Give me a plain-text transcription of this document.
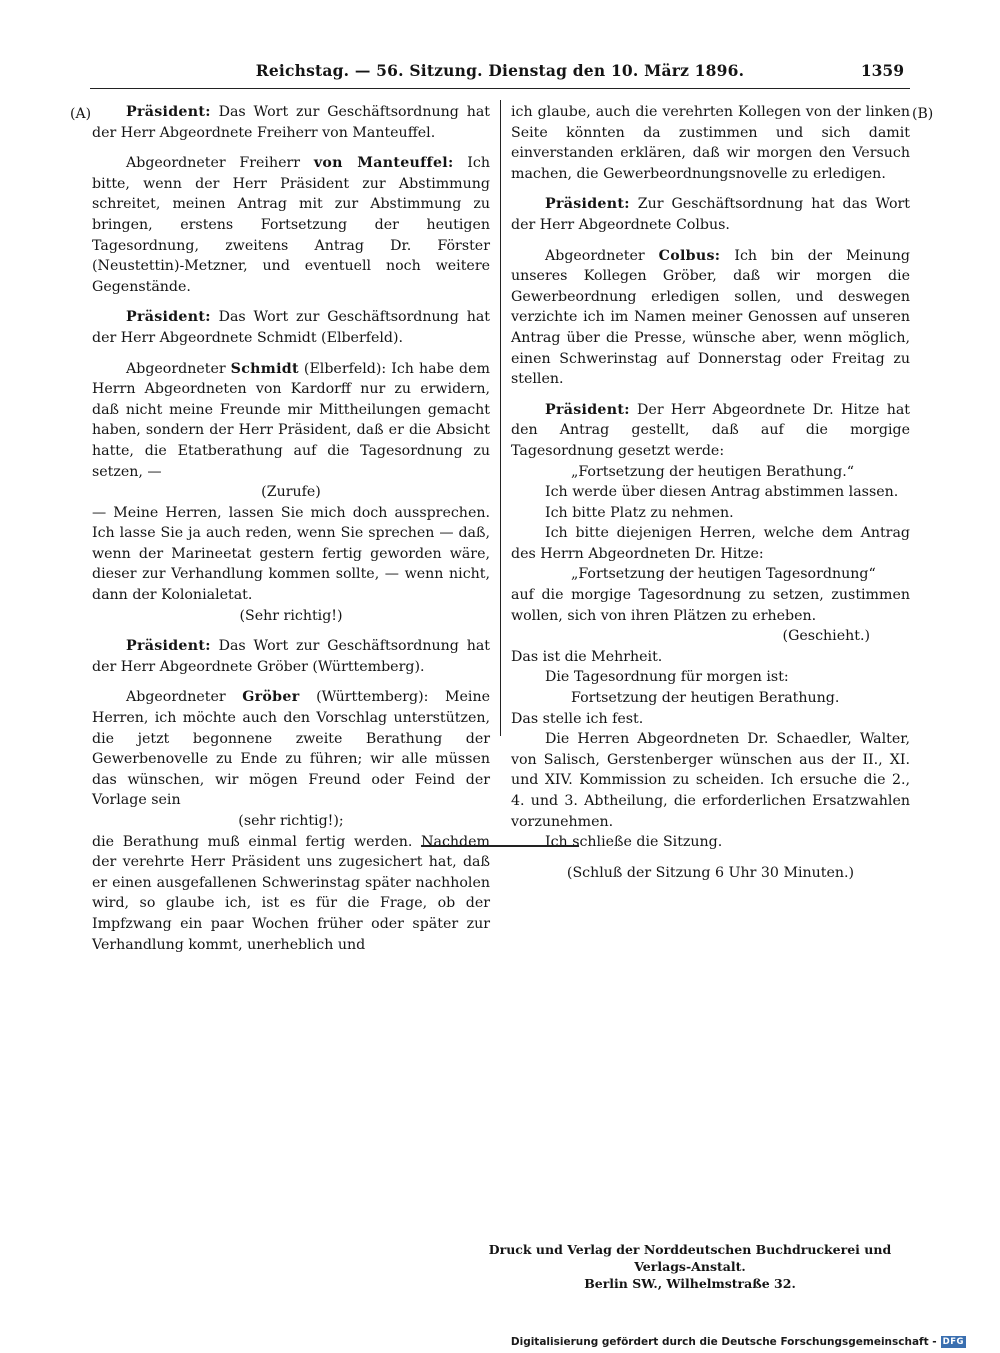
Reichstag. — 56. Sitzung. Dienstag den 10. März 1896.	1359
(A)	(B)

Präsident: Das Wort zur Geschäftsordnung hat der Herr Abgeordnete Freiherr von Manteuffel.

Abgeordneter Freiherr von Manteuffel: Ich bitte, wenn der Herr Präsident zur Abstimmung schreitet, meinen Antrag mit zur Abstimmung zu bringen, erstens Fortsetzung der heutigen Tagesordnung, zweitens Antrag Dr. Förster (Neustettin)-Metzner, und eventuell noch weitere Gegenstände.

Präsident: Das Wort zur Geschäftsordnung hat der Herr Abgeordnete Schmidt (Elberfeld).

Abgeordneter Schmidt (Elberfeld): Ich habe dem Herrn Abgeordneten von Kardorff nur zu erwidern, daß nicht meine Freunde mir Mittheilungen gemacht haben, sondern der Herr Präsident, daß er die Absicht hatte, die Etatberathung auf die Tagesordnung zu setzen, —

(Zurufe)

— Meine Herren, lassen Sie mich doch aussprechen. Ich lasse Sie ja auch reden, wenn Sie sprechen — daß, wenn der Marineetat gestern fertig geworden wäre, dieser zur Verhandlung kommen sollte, — wenn nicht, dann der Kolonialetat.

(Sehr richtig!)

Präsident: Das Wort zur Geschäftsordnung hat der Herr Abgeordnete Gröber (Württemberg).

Abgeordneter Gröber (Württemberg): Meine Herren, ich möchte auch den Vorschlag unterstützen, die jetzt begonnene zweite Berathung der Gewerbenovelle zu Ende zu führen; wir alle müssen das wünschen, wir mögen Freund oder Feind der Vorlage sein

(sehr richtig!);

die Berathung muß einmal fertig werden. Nachdem der verehrte Herr Präsident uns zugesichert hat, daß er einen ausgefallenen Schwerinstag später nachholen wird, so glaube ich, ist es für die Frage, ob der Impfzwang ein paar Wochen früher oder später zur Verhandlung kommt, unerheblich und

ich glaube, auch die verehrten Kollegen von der linken Seite könnten da zustimmen und sich damit einverstanden erklären, daß wir morgen den Versuch machen, die Gewerbeordnungsnovelle zu erledigen.

Präsident: Zur Geschäftsordnung hat das Wort der Herr Abgeordnete Colbus.

Abgeordneter Colbus: Ich bin der Meinung unseres Kollegen Gröber, daß wir morgen die Gewerbeordnung erledigen sollen, und deswegen verzichte ich im Namen meiner Genossen auf unseren Antrag über die Presse, wünsche aber, wenn möglich, einen Schwerinstag auf Donnerstag oder Freitag zu stellen.

Präsident: Der Herr Abgeordnete Dr. Hitze hat den Antrag gestellt, daß auf die morgige Tagesordnung gesetzt werde:

„Fortsetzung der heutigen Berathung.“

Ich werde über diesen Antrag abstimmen lassen.

Ich bitte Platz zu nehmen.

Ich bitte diejenigen Herren, welche dem Antrag des Herrn Abgeordneten Dr. Hitze:

„Fortsetzung der heutigen Tagesordnung“

auf die morgige Tagesordnung zu setzen, zustimmen wollen, sich von ihren Plätzen zu erheben.

(Geschieht.)

Das ist die Mehrheit.

Die Tagesordnung für morgen ist:

Fortsetzung der heutigen Berathung.

Das stelle ich fest.

Die Herren Abgeordneten Dr. Schaedler, Walter, von Salisch, Gerstenberger wünschen aus der II., XI. und XIV. Kommission zu scheiden. Ich ersuche die 2., 4. und 3. Abtheilung, die erforderlichen Ersatzwahlen vorzunehmen.

Ich schließe die Sitzung.

(Schluß der Sitzung 6 Uhr 30 Minuten.)

Druck und Verlag der Norddeutschen Buchdruckerei und Verlags-Anstalt.
Berlin SW., Wilhelmstraße 32.
Digitalisierung gefördert durch die Deutsche Forschungsgemeinschaft - DFG
